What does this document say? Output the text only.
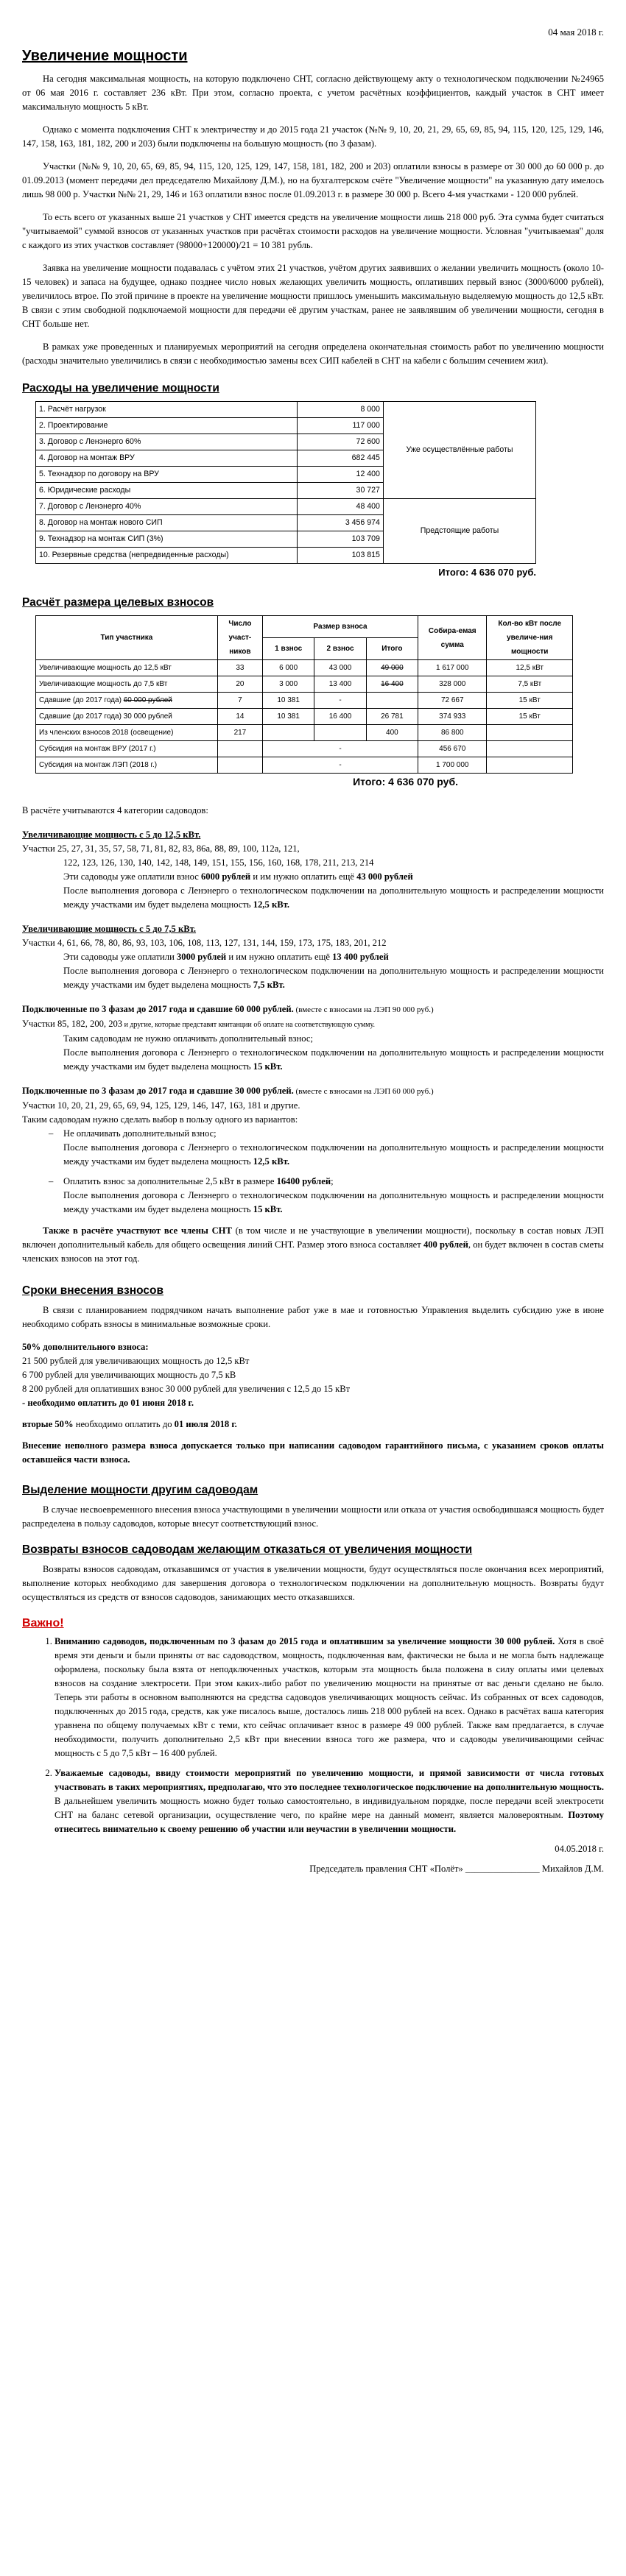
04 мая 2018 г.
Увеличение мощности

На сегодня максимальная мощность, на которую подключено СНТ, согласно действующему акту о технологическом подключении №24965 от 06 мая 2016 г. составляет 236 кВт. При этом, согласно проекта, с учетом расчётных коэффициентов, каждый участок в СНТ имеет максимальную мощность 5 кВт.

Однако с момента подключения СНТ к электричеству и до 2015 года 21 участок (№№ 9, 10, 20, 21, 29, 65, 69, 85, 94, 115, 120, 125, 129, 146, 147, 158, 163, 181, 182, 200 и 203) были подключены на большую мощность (по 3 фазам).

Участки (№№ 9, 10, 20, 65, 69, 85, 94, 115, 120, 125, 129, 147, 158, 181, 182, 200 и 203) оплатили взносы в размере от 30 000 до 60 000 р. до 01.09.2013 (момент передачи дел председателю Михайлову Д.М.), но на бухгалтерском счёте "Увеличение мощности" на указанную дату имелось лишь 98 000 р. Участки №№ 21, 29, 146 и 163 оплатили взнос после 01.09.2013 г. в размере 30 000 р. Всего 4-мя участками - 120 000 рублей.

То есть всего от указанных выше 21 участков у СНТ имеется средств на увеличение мощности лишь 218 000 руб. Эта сумма будет считаться "учитываемой" суммой взносов от указанных участков при расчётах стоимости расходов на увеличение мощности. Условная "учитываемая" доля с каждого из этих участков составляет (98000+120000)/21 = 10 381 рубль.

Заявка на увеличение мощности подавалась с учётом этих 21 участков, учётом других заявивших о желании увеличить мощность (около 10-15 человек) и запаса на будущее, однако позднее число новых желающих увеличить мощность, оплативших первый взнос (3000/6000 рублей), увеличилось втрое. По этой причине в проекте на увеличение мощности пришлось уменьшить максимальную выделяемую мощность до 12,5 кВт. В связи с этим свободной подключаемой мощности для передачи её другим участкам, ранее не заявлявшим об увеличении мощности, сегодня в СНТ больше нет.

В рамках уже проведенных и планируемых мероприятий на сегодня определена окончательная стоимость работ по увеличению мощности (расходы значительно увеличились в связи с необходимостью замены всех СИП кабелей в СНТ на кабели с большим сечением жил).

Расходы на увеличение мощности
1. Расчёт нагрузок	8 000	Уже осуществлённые работы
2. Проектирование	117 000	
3. Договор с Ленэнерго 60%	72 600	
4. Договор на монтаж ВРУ	682 445	
5. Технадзор по договору на ВРУ	12 400	
6. Юридические расходы	30 727	
7. Договор с Ленэнерго 40%	48 400	Предстоящие работы
8. Договор на монтаж нового СИП	3 456 974	
9. Технадзор на монтаж СИП (3%)	103 709	
10. Резервные средства (непредвиденные расходы)	103 815	
Итого: 4 636 070 руб.
Расчёт размера целевых взносов
Тип участника	Число участ-ников	Размер взноса			Собира-емая сумма	Кол-во кВт после увеличе-ния мощности
		1 взнос	2 взнос	Итого		
Увеличивающие мощность до 12,5 кВт	33	6 000	43 000	49 000	1 617 000	12,5 кВт
Увеличивающие мощность до 7,5 кВт	20	3 000	13 400	16 400	328 000	7,5 кВт
Сдавшие (до 2017 года) 60 000 рублей	7	10 381	-		72 667	15 кВт
Сдавшие (до 2017 года) 30 000 рублей	14	10 381	16 400	26 781	374 933	15 кВт
Из членских взносов 2018 (освещение)	217			400	86 800	
Субсидия на монтаж ВРУ (2017 г.)		-			456 670	
Субсидия на монтаж ЛЭП (2018 г.)		-			1 700 000	
Итого: 4 636 070 руб.
В расчёте учитываются 4 категории садоводов:
Увеличивающие мощность с 5 до 12,5 кВт.
Участки 25, 27, 31, 35, 57, 58, 71, 81, 82, 83, 86а, 88, 89, 100, 112а, 121,
122, 123, 126, 130, 140, 142, 148, 149, 151, 155, 156, 160, 168, 178, 211, 213, 214
Эти садоводы уже оплатили взнос 6000 рублей и им нужно оплатить ещё 43 000 рублей
После выполнения договора с Ленэнерго о технологическом подключении на дополнительную мощность и распределении мощности между участками им будет выделена мощность 12,5 кВт.
Увеличивающие мощность с 5 до 7,5 кВт.
Участки 4, 61, 66, 78, 80, 86, 93, 103, 106, 108, 113, 127, 131, 144, 159, 173, 175, 183, 201, 212
Эти садоводы уже оплатили 3000 рублей и им нужно оплатить ещё 13 400 рублей
После выполнения договора с Ленэнерго о технологическом подключении на дополнительную мощность и распределении мощности между участками им будет выделена мощность 7,5 кВт.
Подключенные по 3 фазам до 2017 года и сдавшие 60 000 рублей. (вместе с взносами на ЛЭП 90 000 руб.)
Участки 85, 182, 200, 203 и другие, которые представят квитанции об оплате на соответствующую сумму.
Таким садоводам не нужно оплачивать дополнительный взнос;
После выполнения договора с Ленэнерго о технологическом подключении на дополнительную мощность и распределении мощности между участками им будет выделена мощность 15 кВт.
Подключенные по 3 фазам до 2017 года и сдавшие 30 000 рублей. (вместе с взносами на ЛЭП 60 000 руб.)
Участки 10, 20, 21, 29, 65, 69, 94, 125, 129, 146, 147, 163, 181 и другие.
Таким садоводам нужно сделать выбор в пользу одного из вариантов:
– Не оплачивать дополнительный взнос;
После выполнения договора с Ленэнерго о технологическом подключении на дополнительную мощность и распределении мощности между участками им будет выделена мощность 12,5 кВт.
– Оплатить взнос за дополнительные 2,5 кВт в размере 16400 рублей;
После выполнения договора с Ленэнерго о технологическом подключении на дополнительную мощность и распределении мощности между участками им будет выделена мощность 15 кВт.
Также в расчёте участвуют все члены СНТ (в том числе и не участвующие в увеличении мощности), поскольку в состав новых ЛЭП включен дополнительный кабель для общего освещения линий СНТ. Размер этого взноса составляет 400 рублей, он будет включен в состав сметы членских взносов на этот год.
Сроки внесения взносов

В связи с планированием подрядчиком начать выполнение работ уже в мае и готовностью Управления выделить субсидию уже в июне необходимо собрать взносы в минимальные возможные сроки.

50% дополнительного взноса:
21 500 рублей для увеличивающих мощность до 12,5 кВт
6 700 рублей для увеличивающих мощность до 7,5 кВ
8 200 рублей для оплативших взнос 30 000 рублей для увеличения с 12,5 до 15 кВт
- необходимо оплатить до 01 июня 2018 г.
вторые 50% необходимо оплатить до 01 июля 2018 г.
Внесение неполного размера взноса допускается только при написании садоводом гарантийного письма, с указанием сроков оплаты оставшейся части взноса.
Выделение мощности другим садоводам

В случае несвоевременного внесения взноса участвующими в увеличении мощности или отказа от участия освободившаяся мощность будет распределена в пользу садоводов, которые внесут соответствующий взнос.

Возвраты взносов садоводам желающим отказаться от увеличения мощности

Возвраты взносов садоводам, отказавшимся от участия в увеличении мощности, будут осуществляться после окончания всех мероприятий, выполнение которых необходимо для завершения договора о технологическом подключении на дополнительную мощность. Возвраты будут осуществляться из средств от взносов садоводов, занимающих место отказавшихся.

Важно!
1. Вниманию садоводов, подключенным по 3 фазам до 2015 года и оплатившим за увеличение мощности 30 000 рублей. Хотя в своё время эти деньги и были приняты от вас садоводством, мощность, подключенная вам, фактически не была и не могла быть надлежаще оформлена, поскольку была взята от неподключенных участков, которым эта мощность была положена в силу оплаты ими целевых взносов на создание электросети. При этом каких-либо работ по увеличению мощности на принятые от вас деньги сделано не было. Теперь эти работы в основном выполняются на средства садоводов увеличивающих мощность сейчас. Из собранных от всех садоводов, подключенных до 2015 года, средств, как уже писалось выше, досталось лишь 218 000 рублей на всех. Однако в расчётах ваша категория уравнена по общему получаемых кВт с теми, кто сейчас оплачивает взнос в размере 49 000 рублей. Также вам предлагается, в случае необходимости, получить дополнительно 2,5 кВт при внесении взноса того же размера, что и садоводы увеличивающими сейчас мощность с 5 до 7,5 кВт – 16 400 рублей.
2. Уважаемые садоводы, ввиду стоимости мероприятий по увеличению мощности, и прямой зависимости от числа готовых участвовать в таких мероприятиях, предполагаю, что это последнее технологическое подключение на дополнительную мощность. В дальнейшем увеличить мощность можно будет только самостоятельно, в индивидуальном порядке, после передачи всей электросети СНТ на баланс сетевой организации, осуществление чего, по крайне мере на данный момент, является маловероятным. Поэтому отнеситесь внимательно к своему решению об участии или неучастии в увеличении мощности.
04.05.2018 г.
Председатель правления СНТ «Полёт» ________________ Михайлов Д.М.
